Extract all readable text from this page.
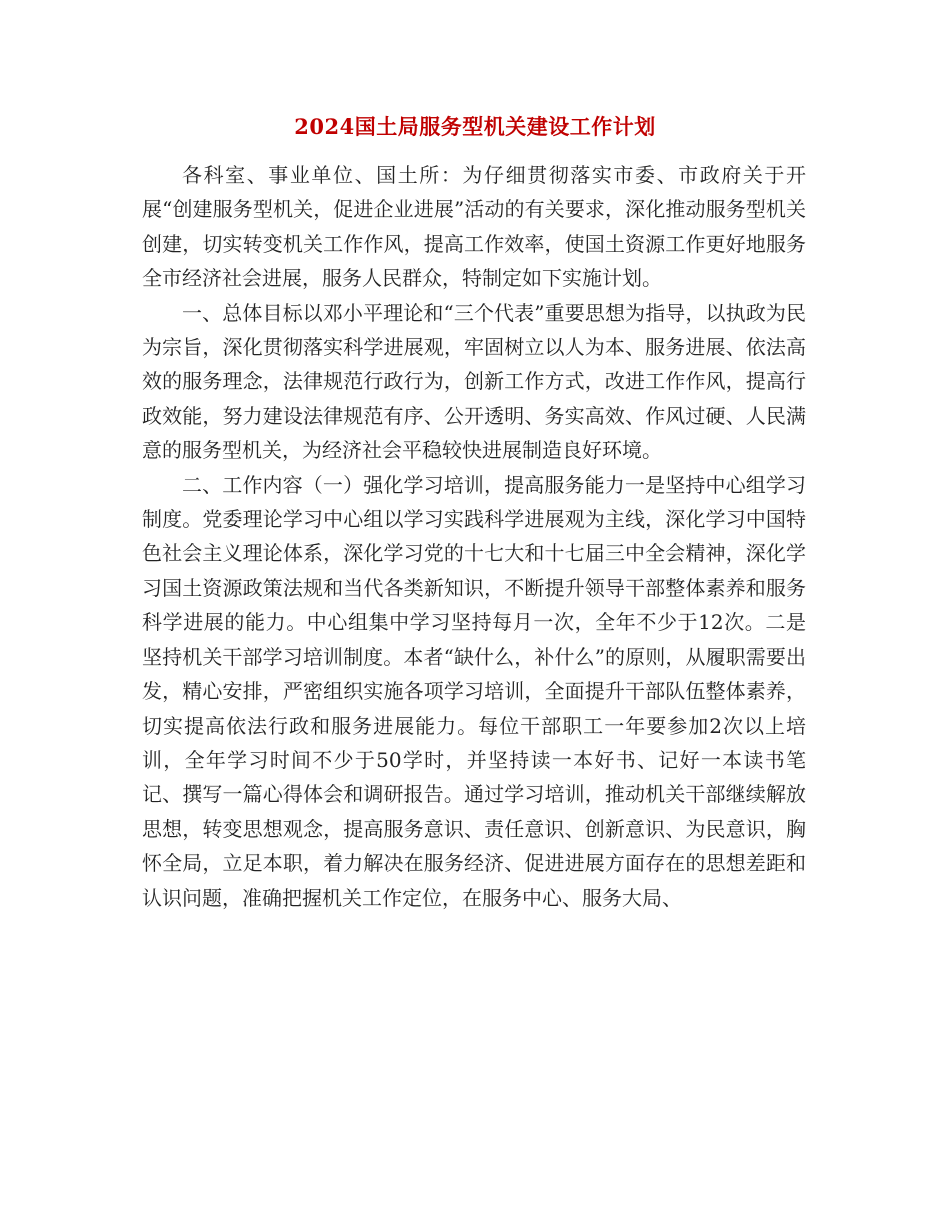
2024国土局服务型机关建设工作计划

各科室、事业单位、国土所：为仔细贯彻落实市委、市政府关于开展“创建服务型机关，促进企业进展”活动的有关要求，深化推动服务型机关创建，切实转变机关工作作风，提高工作效率，使国土资源工作更好地服务全市经济社会进展，服务人民群众，特制定如下实施计划。

一、总体目标以邓小平理论和“三个代表”重要思想为指导，以执政为民为宗旨，深化贯彻落实科学进展观，牢固树立以人为本、服务进展、依法高效的服务理念，法律规范行政行为，创新工作方式，改进工作作风，提高行政效能，努力建设法律规范有序、公开透明、务实高效、作风过硬、人民满意的服务型机关，为经济社会平稳较快进展制造良好环境。

二、工作内容（一）强化学习培训，提高服务能力一是坚持中心组学习制度。党委理论学习中心组以学习实践科学进展观为主线，深化学习中国特色社会主义理论体系，深化学习党的十七大和十七届三中全会精神，深化学习国土资源政策法规和当代各类新知识，不断提升领导干部整体素养和服务科学进展的能力。中心组集中学习坚持每月一次，全年不少于12次。二是坚持机关干部学习培训制度。本者“缺什么，补什么”的原则，从履职需要出发，精心安排，严密组织实施各项学习培训，全面提升干部队伍整体素养，切实提高依法行政和服务进展能力。每位干部职工一年要参加2次以上培训，全年学习时间不少于50学时，并坚持读一本好书、记好一本读书笔记、撰写一篇心得体会和调研报告。通过学习培训，推动机关干部继续解放思想，转变思想观念，提高服务意识、责任意识、创新意识、为民意识，胸怀全局，立足本职，着力解决在服务经济、促进进展方面存在的思想差距和认识问题，准确把握机关工作定位，在服务中心、服务大局、
